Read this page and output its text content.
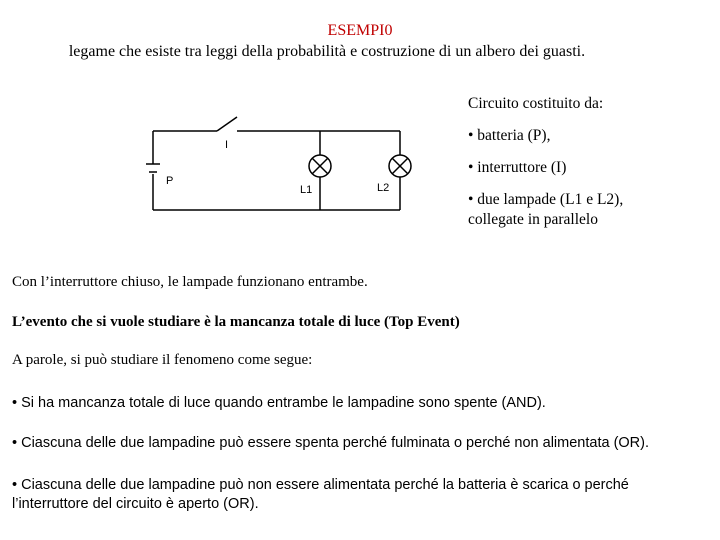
ESEMPI0

legame che esiste tra leggi della probabilità e costruzione di un albero dei guasti.

P
I
L1	L2

Circuito costituito da:

• batteria (P),

• interruttore (I)

• due lampade (L1 e L2),

collegate in parallelo

Con l’interruttore chiuso, le lampade funzionano entrambe.

L’evento che si vuole studiare è la mancanza totale di luce (Top Event)

A parole, si può studiare il fenomeno come segue:

• Si ha mancanza totale di luce quando entrambe le lampadine sono spente (AND).

• Ciascuna delle due lampadine può essere spenta perché fulminata o perché non alimentata (OR).

• Ciascuna delle due lampadine può non essere alimentata perché la batteria è scarica o perché

l’interruttore del circuito è aperto (OR).
